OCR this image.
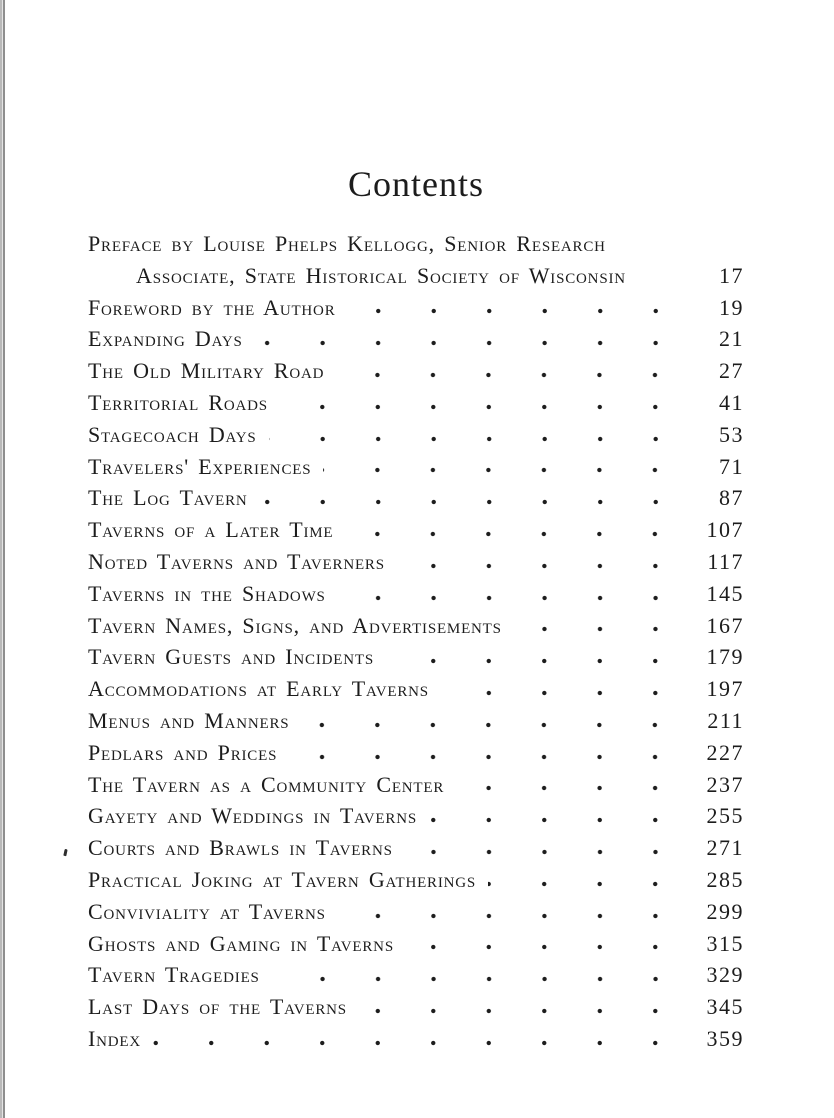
Contents
Preface by Louise Phelps Kellogg, Senior Research
Associate, State Historical Society of Wisconsin	17
Foreword by the Author	19
Expanding Days	21
The Old Military Road	27
Territorial Roads	41
Stagecoach Days	53
Travelers' Experiences	71
The Log Tavern	87
Taverns of a Later Time	107
Noted Taverns and Taverners	117
Taverns in the Shadows	145
Tavern Names, Signs, and Advertisements	167
Tavern Guests and Incidents	179
Accommodations at Early Taverns	197
Menus and Manners	211
Pedlars and Prices	227
The Tavern as a Community Center	237
Gayety and Weddings in Taverns	255
Courts and Brawls in Taverns	271
Practical Joking at Tavern Gatherings	285
Conviviality at Taverns	299
Ghosts and Gaming in Taverns	315
Tavern Tragedies	329
Last Days of the Taverns	345
Index	359
